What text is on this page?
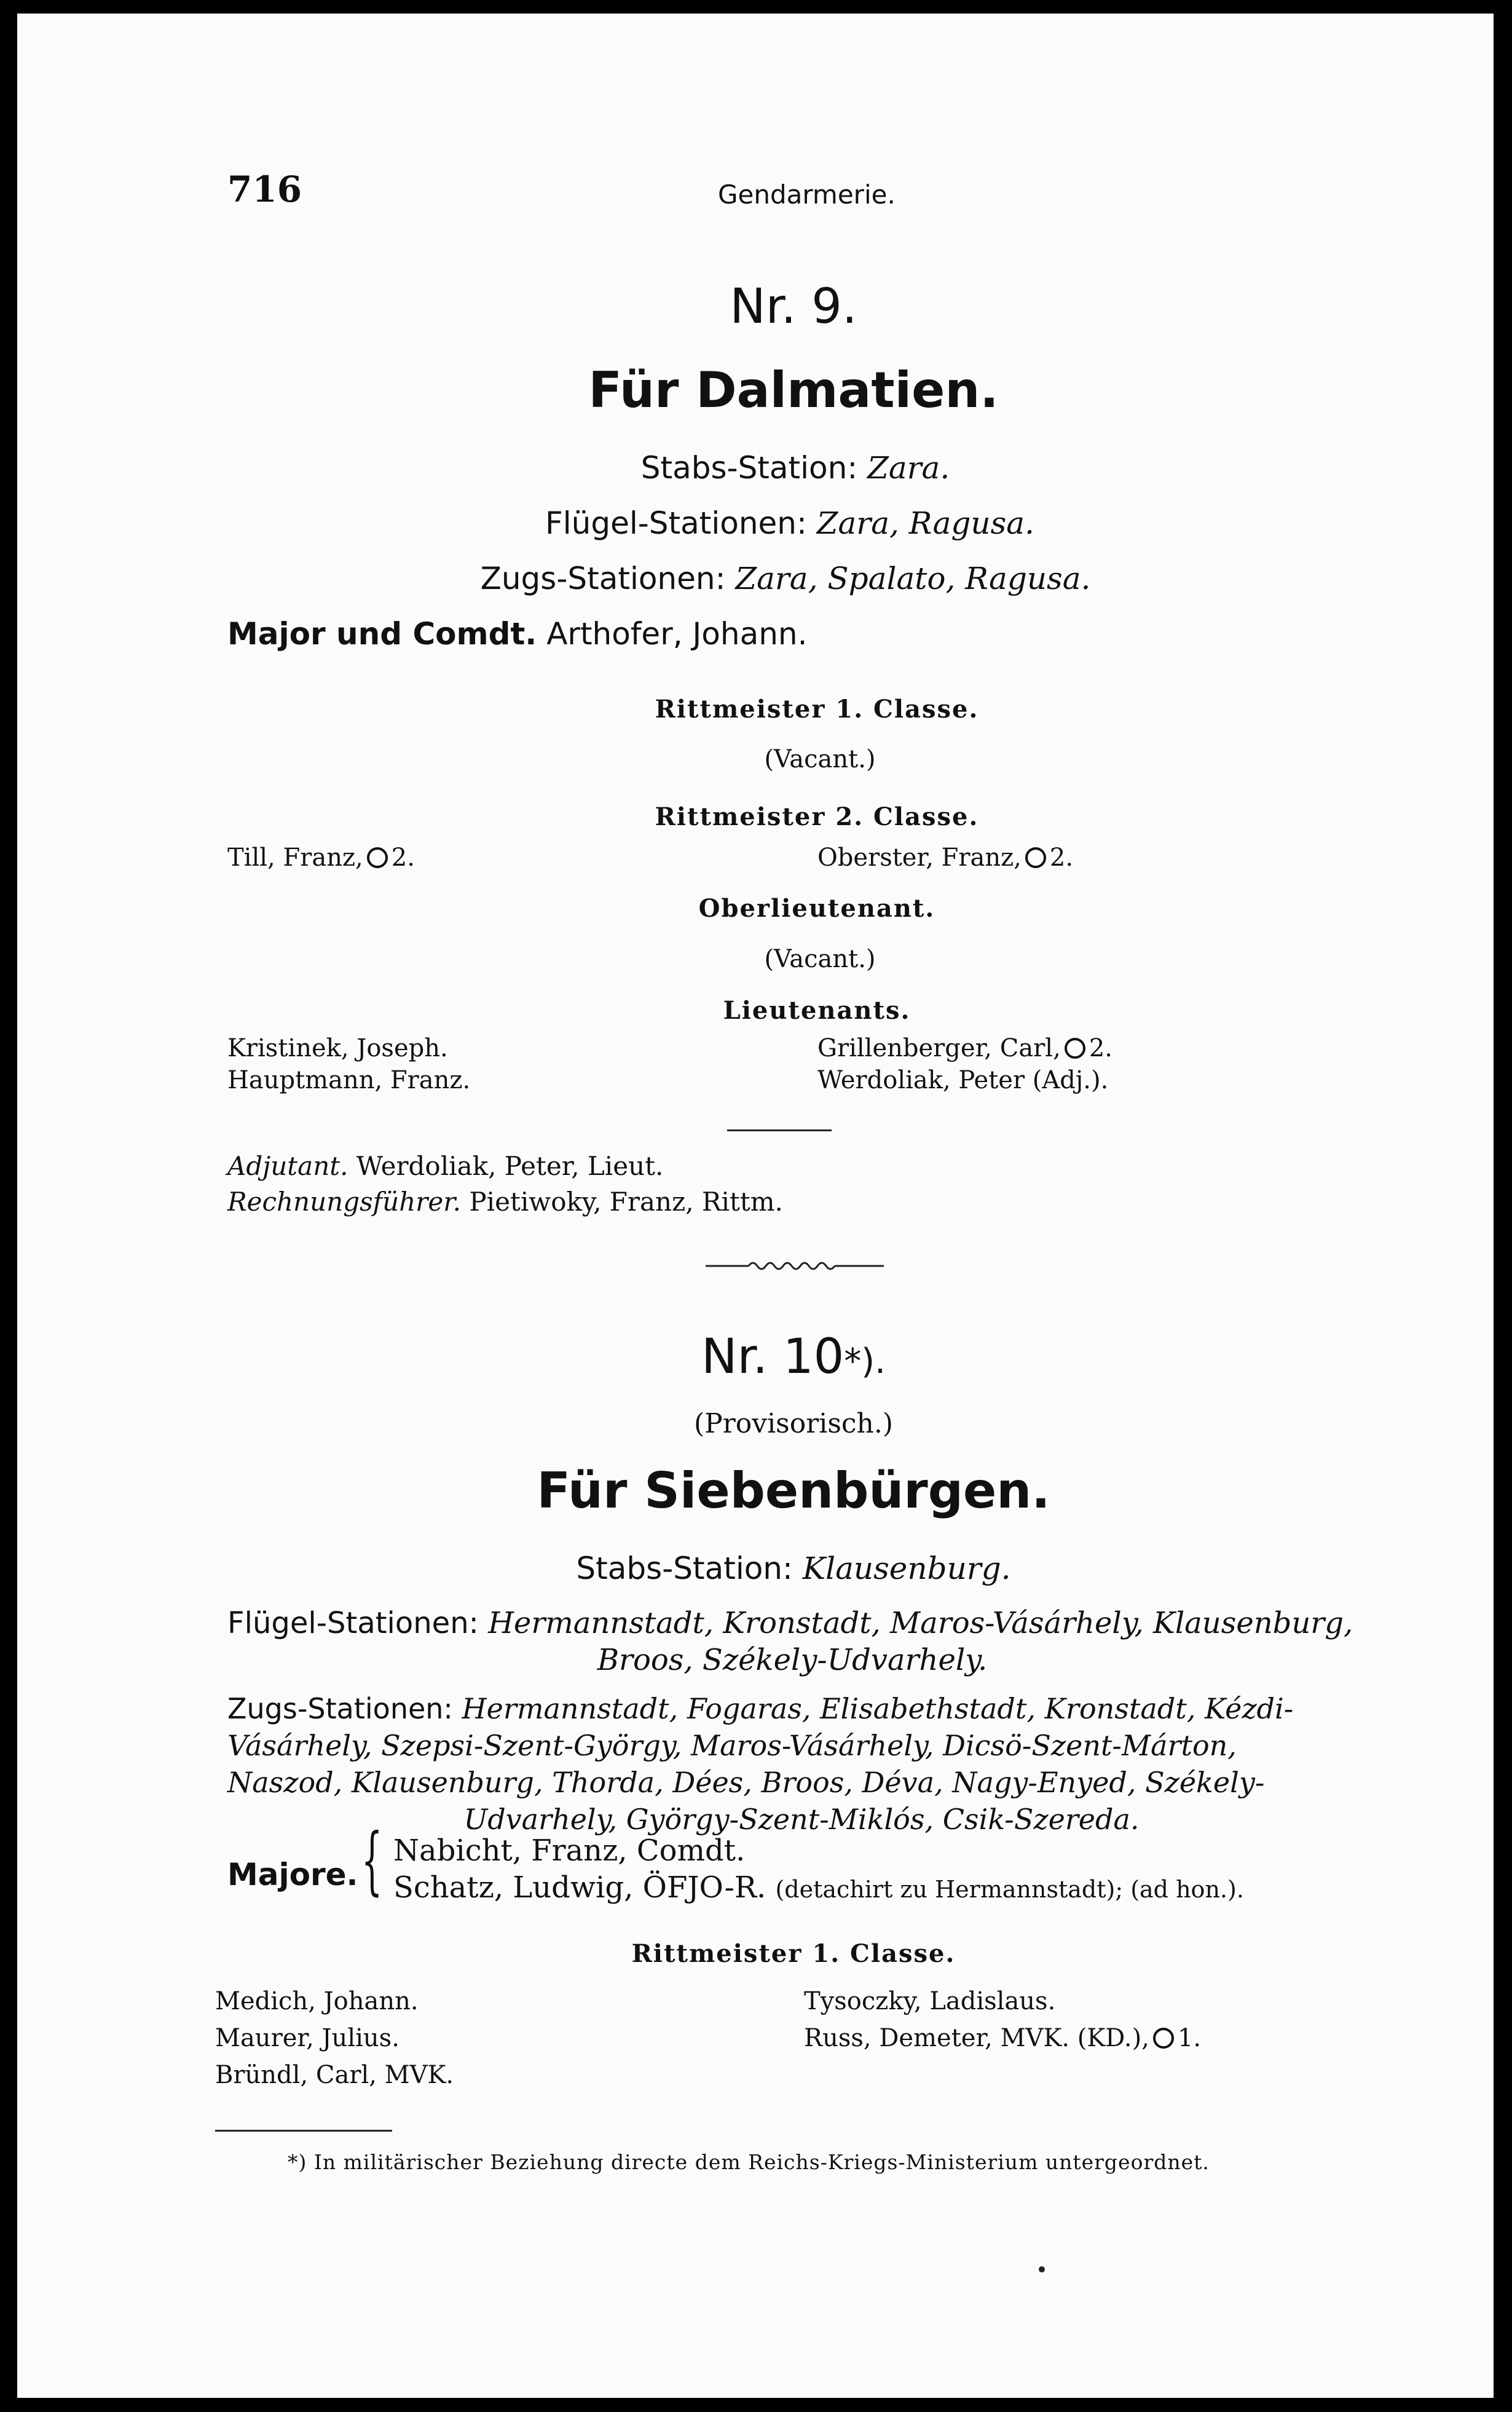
716	Gendarmerie.
Nr. 9.
Für Dalmatien.
Stabs-Station: Zara.
Flügel-Stationen: Zara, Ragusa.
Zugs-Stationen: Zara, Spalato, Ragusa.
Major und Comdt. Arthofer, Johann.
Rittmeister 1. Classe.
(Vacant.)
Rittmeister 2. Classe.
Till, Franz, 2.	Oberster, Franz, 2.
Oberlieutenant.
(Vacant.)
Lieutenants.
Kristinek, Joseph.
Hauptmann, Franz.
Grillenberger, Carl, 2.
Werdoliak, Peter (Adj.).
Adjutant. Werdoliak, Peter, Lieut.
Rechnungsführer. Pietiwoky, Franz, Rittm.
Nr. 10*).
(Provisorisch.)
Für Siebenbürgen.
Stabs-Station: Klausenburg.
Flügel-Stationen: Hermannstadt, Kronstadt, Maros-Vásárhely, Klausenburg,
Broos, Székely-Udvarhely.
Zugs-Stationen: Hermannstadt, Fogaras, Elisabethstadt, Kronstadt, Kézdi-
Vásárhely, Szepsi-Szent-György, Maros-Vásárhely, Dicsö-Szent-Márton,
Naszod, Klausenburg, Thorda, Dées, Broos, Déva, Nagy-Enyed, Székely-
Udvarhely, György-Szent-Miklós, Csik-Szereda.
Majore. { Nabicht, Franz, Comdt.
Schatz, Ludwig, ÖFJO-R. (detachirt zu Hermannstadt); (ad hon.).
Rittmeister 1. Classe.
Medich, Johann.
Maurer, Julius.
Bründl, Carl, MVK.
Tysoczky, Ladislaus.
Russ, Demeter, MVK. (KD.), 1.
*) In militärischer Beziehung directe dem Reichs-Kriegs-Ministerium untergeordnet.
